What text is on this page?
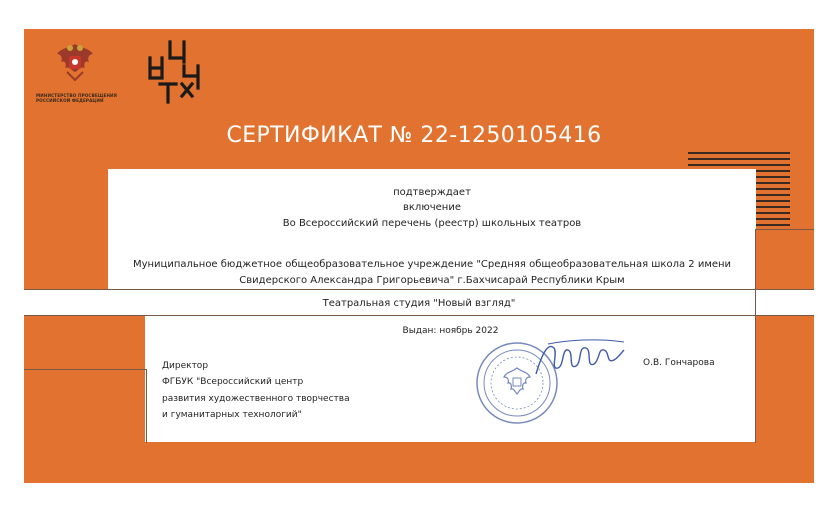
МИНИСТЕРСТВО ПРОСВЕЩЕНИЯ
РОССИЙСКОЙ ФЕДЕРАЦИИ
СЕРТИФИКАТ № 22-1250105416
подтверждает
включение
Во Всероссийский перечень (реестр) школьных театров
Муниципальное бюджетное общеобразовательное учреждение "Средняя общеобразовательная школа 2 имени
Свидерского Александра Григорьевича" г.Бахчисарай Республики Крым
Театральная студия "Новый взгляд"
Выдан: ноябрь 2022
Директор
ФГБУК "Всероссийский центр
развития художественного творчества
и гуманитарных технологий"
О.В. Гончарова
